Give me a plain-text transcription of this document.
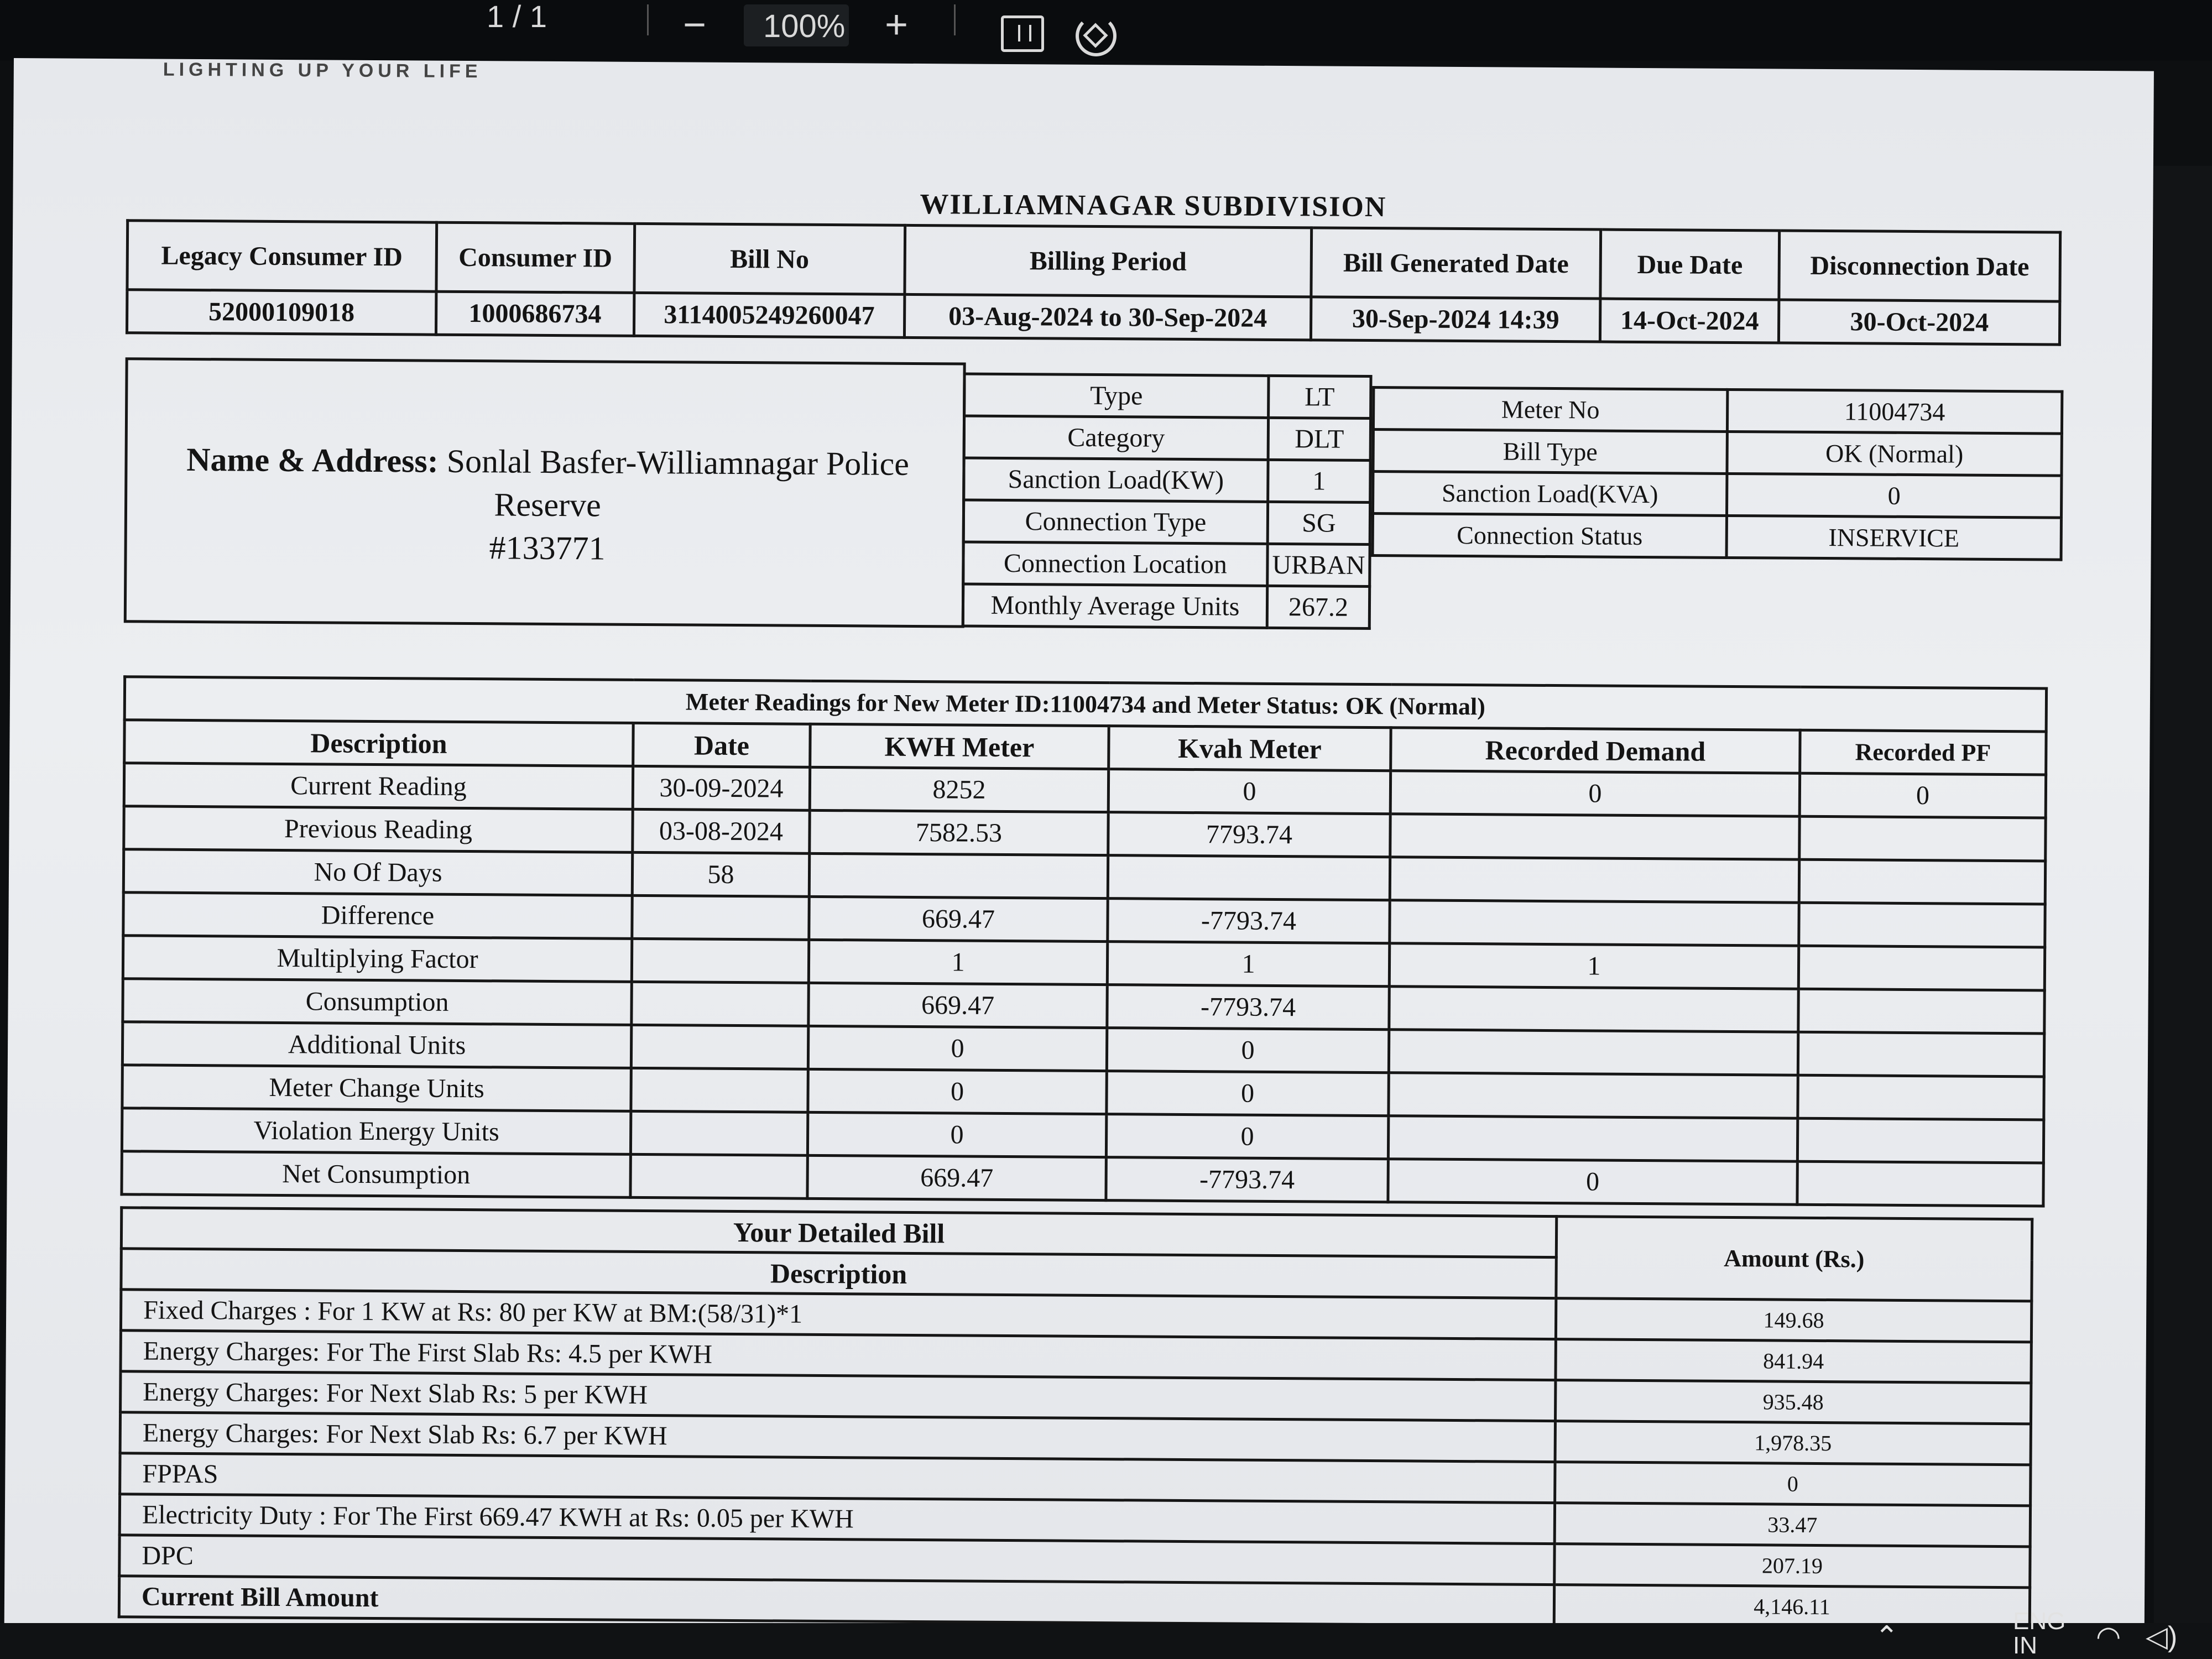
1 / 1	− 100% +
LIGHTING UP YOUR LIFE
WILLIAMNAGAR SUBDIVISION
Legacy Consumer ID	Consumer ID	Bill No	Billing Period	Bill Generated Date	Due Date	Disconnection Date
52000109018	1000686734	3114005249260047	03-Aug-2024 to 30-Sep-2024	30-Sep-2024 14:39	14-Oct-2024	30-Oct-2024
Name & Address: Sonlal Basfer-Williamnagar Police Reserve
#133771
Type	LT
Category	DLT
Sanction Load(KW)	1
Connection Type	SG
Connection Location	URBAN
Monthly Average Units	267.2
Meter No	11004734
Bill Type	OK (Normal)
Sanction Load(KVA)	0
Connection Status	INSERVICE
Meter Readings for New Meter ID:11004734 and Meter Status: OK (Normal)					
Description	Date	KWH Meter	Kvah Meter	Recorded Demand	Recorded PF
Current Reading	30-09-2024	8252	0	0	0
Previous Reading	03-08-2024	7582.53	7793.74		
No Of Days	58				
Difference		669.47	-7793.74		
Multiplying Factor		1	1	1	
Consumption		669.47	-7793.74		
Additional Units		0	0		
Meter Change Units		0	0		
Violation Energy Units		0	0		
Net Consumption		669.47	-7793.74	0	
Your Detailed Bill	Amount (Rs.)
Description	
Fixed Charges : For 1 KW at Rs: 80 per KW at BM:(58/31)*1	149.68
Energy Charges: For The First Slab Rs: 4.5 per KWH	841.94
Energy Charges: For Next Slab Rs: 5 per KWH	935.48
Energy Charges: For Next Slab Rs: 6.7 per KWH	1,978.35
FPPAS	0
Electricity Duty : For The First 669.47 KWH at Rs: 0.05 per KWH	33.47
DPC	207.19
Current Bill Amount	4,146.11
⌃	ENG
IN	◠ ◁)
